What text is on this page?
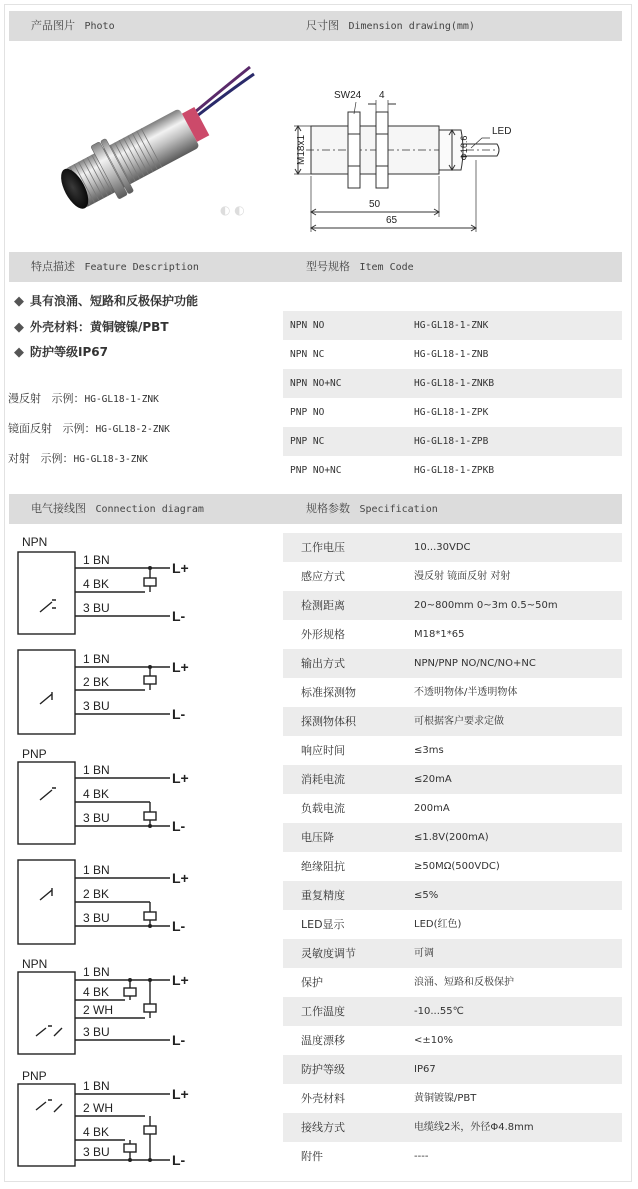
产品图片 Photo	尺寸图 Dimension drawing(mm)
◐ ◐
M18x1
SW24 4
Φ16.6
LED
50
65
特点描述 Feature Description	型号规格 Item Code
◆ 具有浪涌、短路和反极保护功能
◆ 外壳材料：黄铜镀镍/PBT
◆ 防护等级IP67
漫反射 示例：HG-GL18-1-ZNK
镜面反射 示例：HG-GL18-2-ZNK
对射 示例：HG-GL18-3-ZNK
NPN NO	HG-GL18-1-ZNK
NPN NC	HG-GL18-1-ZNB
NPN NO+NC	HG-GL18-1-ZNKB
PNP NO	HG-GL18-1-ZPK
PNP NC	HG-GL18-1-ZPB
PNP NO+NC	HG-GL18-1-ZPKB
电气接线图 Connection diagram	规格参数 Specification
NPN
1 BN
4 BK
3 BU
1 BN
2 BK
3 BU
PNP
1 BN
4 BK
3 BU
1 BN
2 BK
3 BU
NPN
1 BN
4 BK
2 WH
3 BU
PNP
1 BN
2 WH
4 BK
3 BU
L+
L-
L+
L-
L+
L-
L+
L-
L+
L-
L+
L-
工作电压	10...30VDC
感应方式	漫反射 镜面反射 对射
检测距离	20~800mm 0~3m 0.5~50m
外形规格	M18*1*65
输出方式	NPN/PNP NO/NC/NO+NC
标准探测物	不透明物体/半透明物体
探测物体积	可根据客户要求定做
响应时间	≤3ms
消耗电流	≤20mA
负载电流	200mA
电压降	≤1.8V(200mA)
绝缘阻抗	≥50MΩ(500VDC)
重复精度	≤5%
LED显示	LED(红色)
灵敏度调节	可调
保护	浪涌、短路和反极保护
工作温度	-10...55℃
温度漂移	<±10%
防护等级	IP67
外壳材料	黄铜镀镍/PBT
接线方式	电缆线2米，外径Φ4.8mm
附件	----
